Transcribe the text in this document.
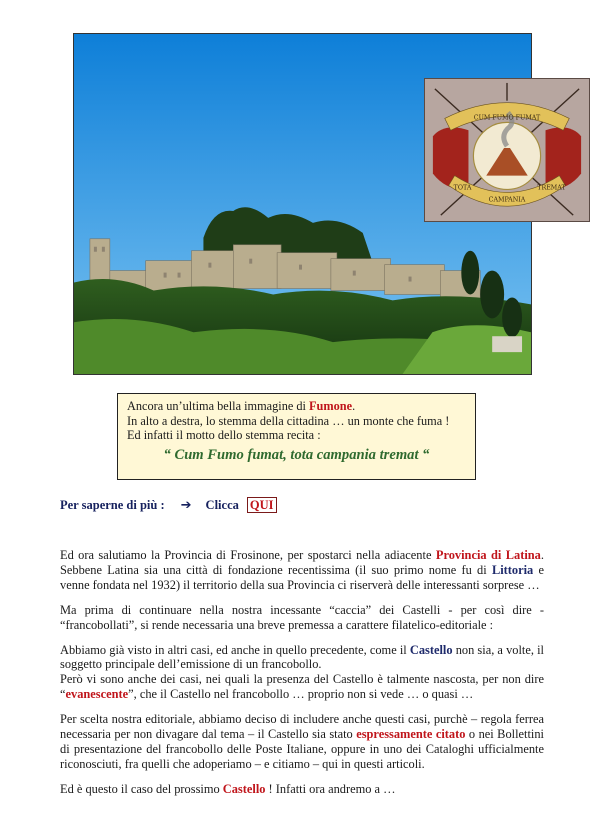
CUM FUMO FUMAT
TOTA
CAMPANIA
TREMAT
Ancora un’ultima bella immagine di Fumone.
In alto a destra, lo stemma della cittadina … un monte che fuma !
Ed infatti il motto dello stemma recita :
“ Cum Fumo fumat, tota campania tremat “
Per saperne di più : ➔ Clicca QUI

Ed ora salutiamo la Provincia di Frosinone, per spostarci nella adiacente Provincia di Latina. Sebbene Latina sia una città di fondazione recentissima (il suo primo nome fu di Littoria e venne fondata nel 1932) il territorio della sua Provincia ci riserverà delle interessanti sorprese …

Ma prima di continuare nella nostra incessante “caccia” dei Castelli - per così dire - “francobollati”, si rende necessaria una breve premessa a carattere filatelico-editoriale :

Abbiamo già visto in altri casi, ed anche in quello precedente, come il Castello non sia, a volte, il soggetto principale dell’emissione di un francobollo.
Però vi sono anche dei casi, nei quali la presenza del Castello è talmente nascosta, per non dire “evanescente”, che il Castello nel francobollo … proprio non si vede … o quasi …

Per scelta nostra editoriale, abbiamo deciso di includere anche questi casi, purchè – regola ferrea necessaria per non divagare dal tema – il Castello sia stato espressamente citato o nei Bollettini di presentazione del francobollo delle Poste Italiane, oppure in uno dei Cataloghi ufficialmente riconosciuti, fra quelli che adoperiamo – e citiamo – qui in questi articoli.

Ed è questo il caso del prossimo Castello ! Infatti ora andremo a …
